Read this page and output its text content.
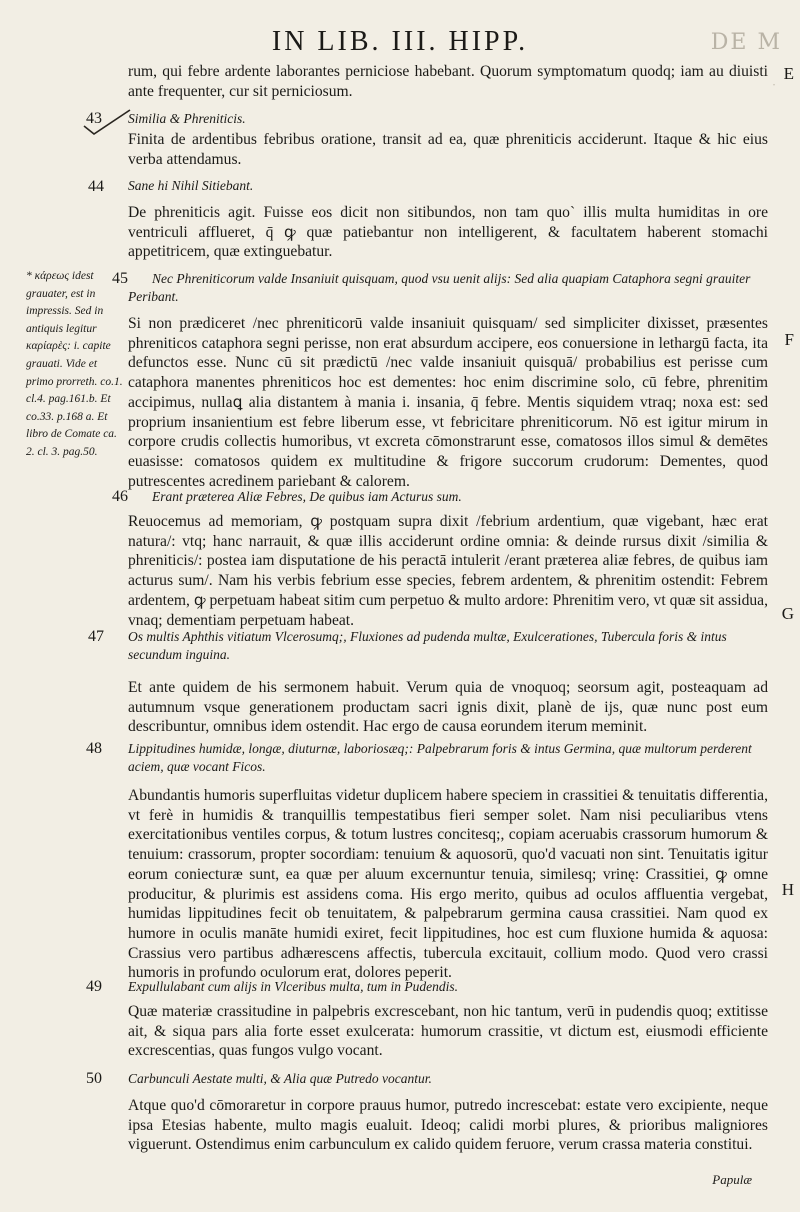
IN LIB. III. HIPP.	DE M
·
rum, qui febre ardente laborantes perniciose habebant. Quorum symptomatum quodq; iam au diuisti ante frequenter, cur sit perniciosum.
E
43 Similia & Phreniticis.
Finita de ardentibus febribus oratione, transit ad ea, quæ phreniticis acciderunt. Itaque & hic eius verba attendamus.
44 Sane hi Nihil Sitiebant.
De phreniticis agit. Fuisse eos dicit non sitibundos, non tam quo` illis multa humiditas in ore ventriculi afflueret, q̄ ꝙ quæ patiebantur non intelligerent, & facultatem haberent stomachi appetitricem, quæ extinguebatur.
45	Nec Phreniticorum valde Insaniuit quisquam, quod vsu uenit alijs: Sed alia quapiam Cataphora segni grauiter Peribant.
Si non prædiceret /nec phreniticorū valde insaniuit quisquam/ sed simpliciter dixisset, præsentes phreniticos cataphora segni perisse, non erat absurdum accipere, eos conuersione in lethargū facta, ita defunctos esse. Nunc cū sit prædictū /nec valde insaniuit quisquā/ probabilius est perisse cum cataphora manentes phreniticos hoc est dementes: hoc enim discrimine solo, cū febre, phrenitim accipimus, nullaꝗ alia distantem à mania i. insania, q̄ febre. Mentis siquidem vtraq; noxa est: sed proprium insanientium est febre liberum esse, vt febricitare phreniticorum. Nō est igitur mirum in corpore crudis collectis humoribus, vt excreta cōmonstrarunt esse, comatosos illos simul & demētes euasisse: comatosos quidem ex multitudine & frigore succorum crudorum: Dementes, quod putrescentes acredinem pariebant & calorem.
F
* κάρεως idest grauater, est in impressis. Sed in antiquis legitur καρίαρὲς: i. capite grauati. Vide et primo prorreth. co.1. cl.4. pag.161.b. Et co.33. p.168 a. Et libro de Comate ca. 2. cl. 3. pag.50.
46	Erant præterea Aliæ Febres, De quibus iam Acturus sum.
Reuocemus ad memoriam, ꝙ postquam supra dixit /febrium ardentium, quæ vigebant, hæc erat natura/: vtq; hanc narrauit, & quæ illis acciderunt ordine omnia: & deinde rursus dixit /similia & phreniticis/: postea iam disputatione de his peractā intulerit /erant præterea aliæ febres, de quibus iam acturus sum/. Nam his verbis febrium esse species, febrem ardentem, & phrenitim ostendit: Febrem ardentem, ꝙ perpetuam habeat sitim cum perpetuo & multo ardore: Phrenitim vero, vt quæ sit assidua, vnaq; dementiam perpetuam habeat.	G
47 Os multis Aphthis vitiatum Vlcerosumq;, Fluxiones ad pudenda multæ, Exulcerationes, Tubercula foris & intus secundum inguina.
Et ante quidem de his sermonem habuit. Verum quia de vnoquoq; seorsum agit, posteaquam ad autumnum vsque generationem productam sacri ignis dixit, planè de ijs, quæ nunc post eum describuntur, omnibus idem ostendit. Hac ergo de causa eorundem iterum meminit.
48 Lippitudines humidæ, longæ, diuturnæ, laboriosæq;: Palpebrarum foris & intus Germina, quæ multorum perderent aciem, quæ vocant Ficos.
Abundantis humoris superfluitas videtur duplicem habere speciem in crassitiei & tenuitatis differentia, vt ferè in humidis & tranquillis tempestatibus fieri semper solet. Nam nisi peculiaribus vtens exercitationibus ventiles corpus, & totum lustres concitesq;, copiam aceruabis crassorum humorum & tenuium: crassorum, propter socordiam: tenuium & aquosorū, quo'd vacuati non sint. Tenuitatis igitur eorum coniecturæ sunt, ea quæ per aluum excernuntur tenuia, similesq; vrinę: Crassitiei, ꝙ omne producitur, & plurimis est assidens coma. His ergo merito, quibus ad oculos affluentia vergebat, humidas lippitudines fecit ob tenuitatem, & palpebrarum germina causa crassitiei. Nam quod ex humore in oculis manāte humidi exiret, fecit lippitudines, hoc est cum fluxione humida & aquosa: Crassius vero partibus adhærescens affectis, tubercula excitauit, collium modo. Quod vero crassi humoris in profundo oculorum erat, dolores peperit.
H
49 Expullulabant cum alijs in Vlceribus multa, tum in Pudendis.
Quæ materiæ crassitudine in palpebris excrescebant, non hic tantum, verū in pudendis quoq; extitisse ait, & siqua pars alia forte esset exulcerata: humorum crassitie, vt dictum est, eiusmodi efficiente excrescentias, quas fungos vulgo vocant.
50 Carbunculi Aestate multi, & Alia quæ Putredo vocantur.
Atque quo'd cōmoraretur in corpore prauus humor, putredo increscebat: estate vero excipiente, neque ipsa Etesias habente, multo magis eualuit. Ideoq; calidi morbi plures, & prioribus maligniores viguerunt. Ostendimus enim carbunculum ex calido quidem feruore, verum crassa materia constitui.
Papulæ
